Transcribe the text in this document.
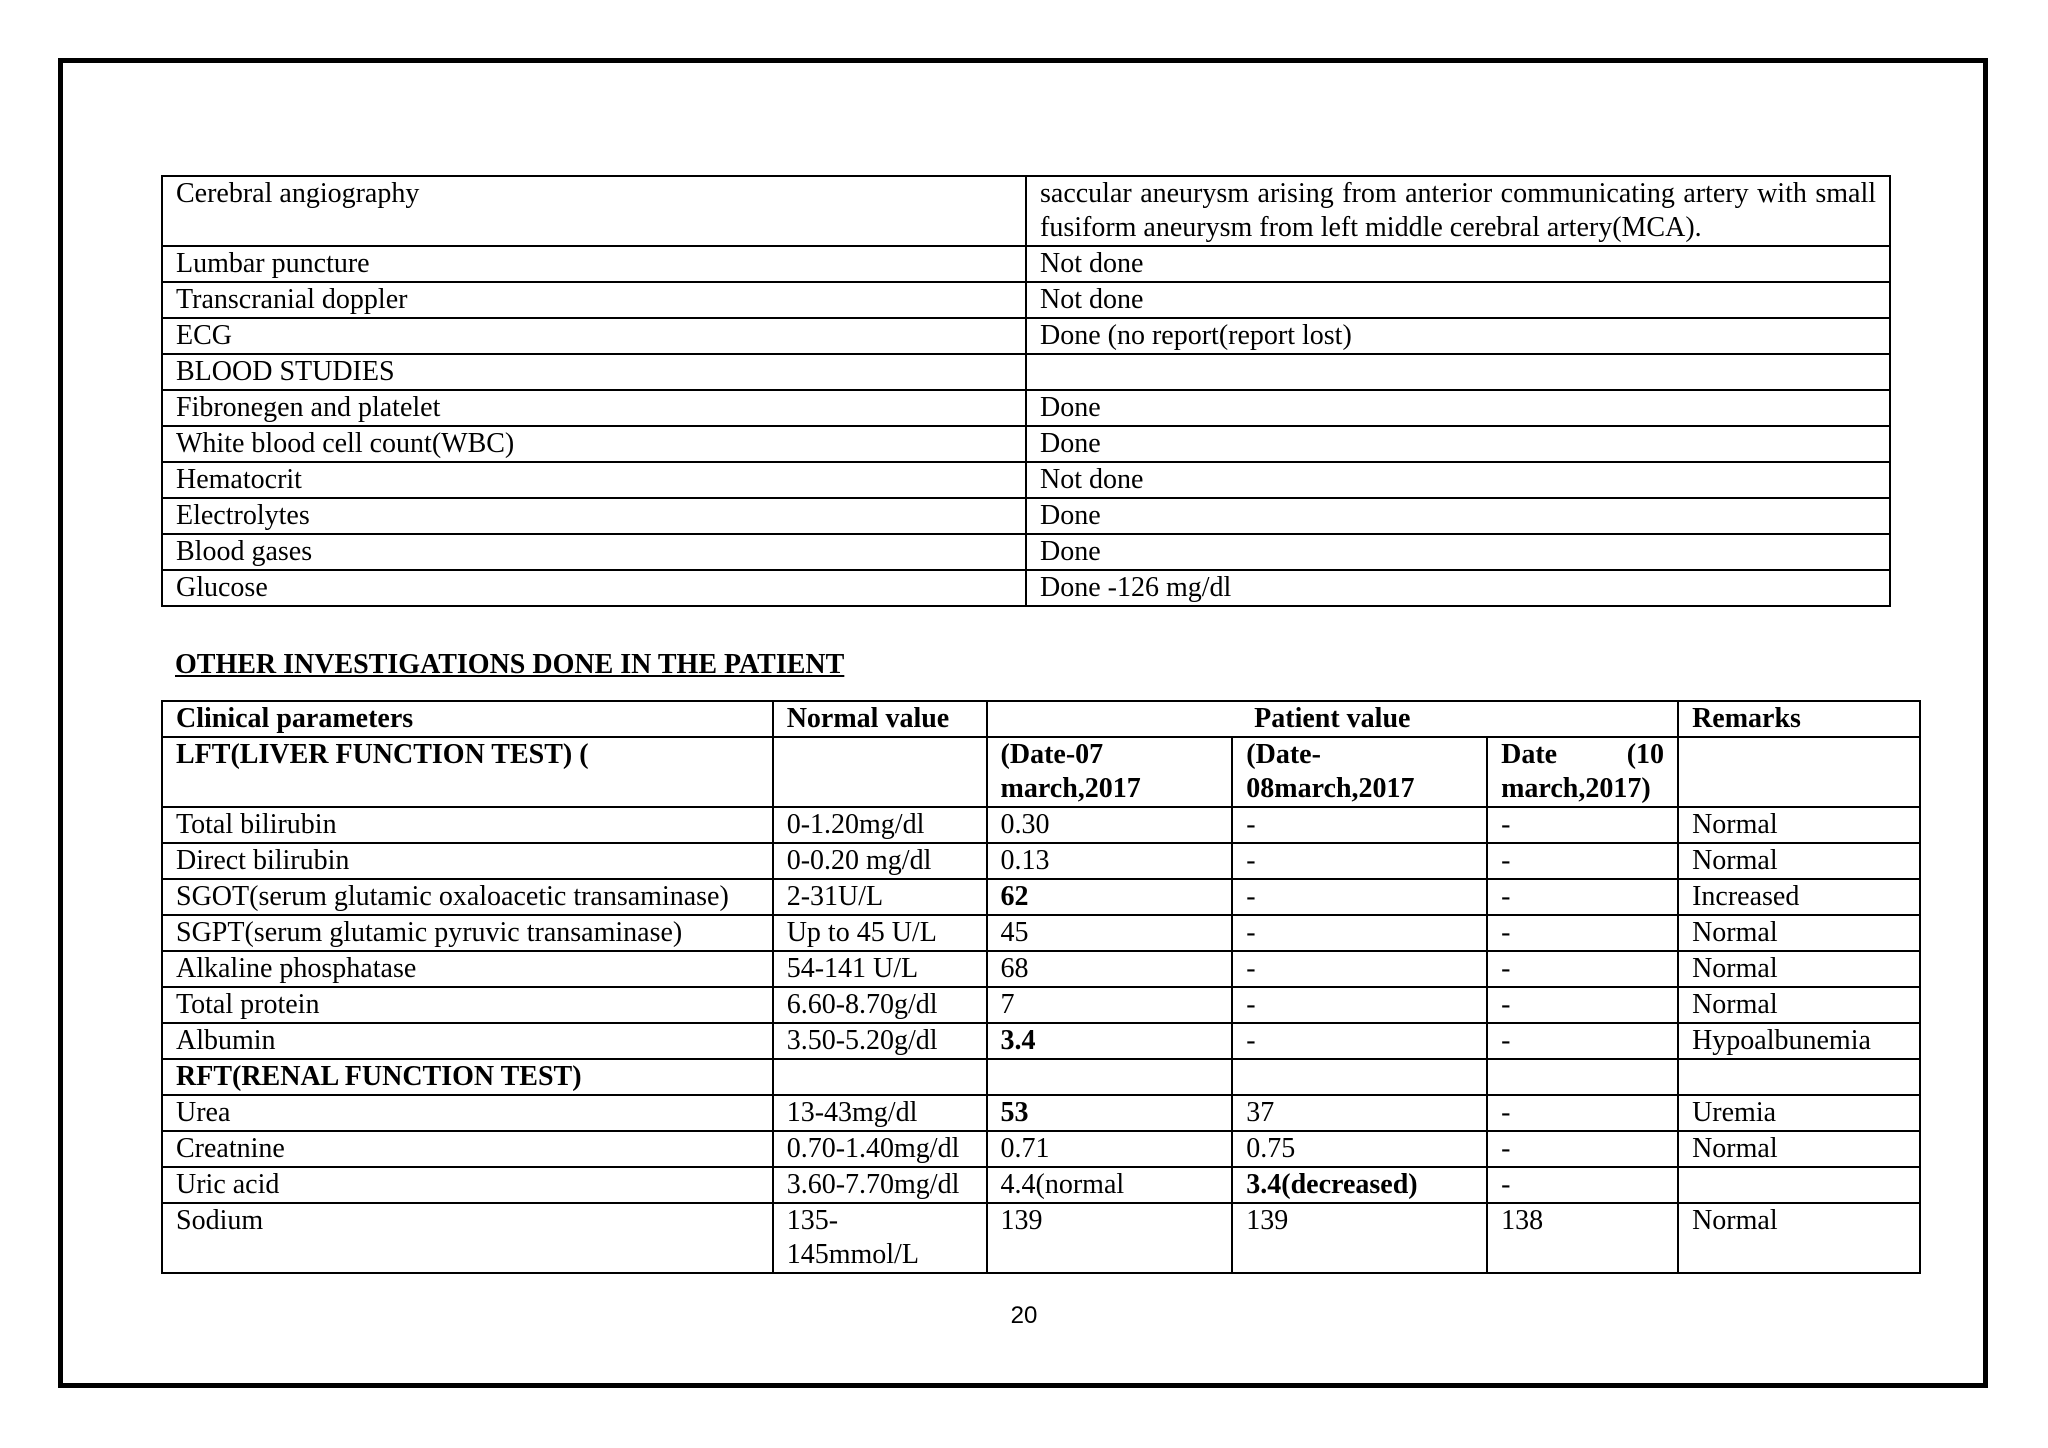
Cerebral angiography	saccular aneurysm arising from anterior communicating artery with small fusiform aneurysm from left middle cerebral artery(MCA).
Lumbar puncture	Not done
Transcranial doppler	Not done
ECG	Done (no report(report lost)
BLOOD STUDIES	
Fibronegen and platelet	Done
White blood cell count(WBC)	Done
Hematocrit	Not done
Electrolytes	Done
Blood gases	Done
Glucose	Done -126 mg/dl
OTHER INVESTIGATIONS DONE IN THE PATIENT
Clinical parameters	Normal value	Patient value			Remarks
LFT(LIVER FUNCTION TEST) (		(Date-07 march,2017	(Date- 08march,2017	Date (10
march,2017)	

Total bilirubin	0-1.20mg/dl	0.30	-	-	Normal
Direct bilirubin	0-0.20 mg/dl	0.13	-	-	Normal
SGOT(serum glutamic oxaloacetic transaminase)	2-31U/L	62	-	-	Increased
SGPT(serum glutamic pyruvic transaminase)	Up to 45 U/L	45	-	-	Normal
Alkaline phosphatase	54-141 U/L	68	-	-	Normal
Total protein	6.60-8.70g/dl	7	-	-	Normal
Albumin	3.50-5.20g/dl	3.4	-	-	Hypoalbunemia
RFT(RENAL FUNCTION TEST)					
Urea	13-43mg/dl	53	37	-	Uremia
Creatnine	0.70-1.40mg/dl	0.71	0.75	-	Normal
Uric acid	3.60-7.70mg/dl	4.4(normal	3.4(decreased)	-	
Sodium	135- 145mmol/L	139	139	138	Normal
20
